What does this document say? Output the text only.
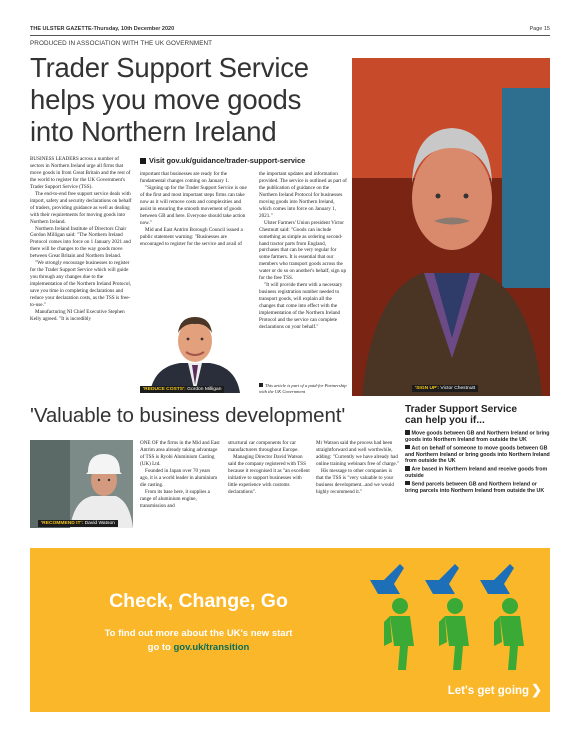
THE ULSTER GAZETTE-Thursday, 10th December 2020	Page 15
PRODUCED IN ASSOCIATION WITH THE UK GOVERNMENT
Trader Support Service
helps you move goods
into Northern Ireland

BUSINESS LEADERS across a number of sectors in Northern Ireland urge all firms that move goods in from Great Britain and the rest of the world to register for the UK Government's Trader Support Service (TSS).

The end-to-end free support service deals with import, safety and security declarations on behalf of traders, providing guidance as well as dealing with their requirements for moving goods into Northern Ireland.

Northern Ireland Institute of Directors Chair Gordon Milligan said: "The Northern Ireland Protocol comes into force on 1 January 2021 and there will be changes to the way goods move between Great Britain and Northern Ireland.

"We strongly encourage businesses to register for the Trader Support Service which will guide you through any changes due to the implementation of the Northern Ireland Protocol, save you time in completing declarations and reduce your declaration costs, as the TSS is free-to-use."

Manufacturing NI Chief Executive Stephen Kelly agreed. "It is incredibly

Visit gov.uk/guidance/trader-support-service

important that businesses are ready for the fundamental changes coming on January 1.

"Signing up for the Trader Support Service is one of the first and most important steps firms can take now as it will remove costs and complexities and assist in ensuring the smooth movement of goods between GB and here. Everyone should take action now."

Mid and East Antrim Borough Council issued a public statement warning: "Businesses are encouraged to register for the service and avail of

'REDUCE COSTS': Gordon Milligan

the important updates and information provided. The service is outlined as part of the publication of guidance on the Northern Ireland Protocol for businesses moving goods into Northern Ireland, which comes into force on January 1, 2021."

Ulster Farmers' Union president Victor Chestnutt said: "Goods can include something as simple as ordering second-hand tractor parts from England, purchases that can be very regular for some farmers. It is essential that our members who transport goods across the water or do so on another's behalf, sign up for the free TSS.

"It will provide them with a necessary business registration number needed to transport goods, will explain all the changes that come into effect with the implementation of the Northern Ireland Protocol and the service can complete declarations on your behalf."

This article is part of a paid-for Partnership with the UK Government	'SIGN UP': Victor Chestnutt
'Valuable to business development'
'RECOMMEND IT': David Watson

ONE OF the firms in the Mid and East Antrim area already taking advantage of TSS is Ryobi Aluminium Casting (UK) Ltd.

Founded in Japan over 70 years ago, it is a world leader in aluminium die casting.

From its base here, it supplies a range of aluminium engine, transmission and

structural car components for car manufacturers throughout Europe.

Managing Director David Watson said the company registered with TSS because it recognised it as "an excellent initiative to support businesses with little experience with customs declarations".

Mr Watson said the process had been straightforward and well worthwhile, adding: "Currently we have already had online training webinars free of charge."

His message to other companies is that the TSS is "very valuable to your business development...and we would highly recommend it."

Trader Support Service
can help you if...
Move goods between GB and Northern Ireland or bring goods into Northern Ireland from outside the UK
Act on behalf of someone to move goods between GB and Northern Ireland or bring goods into Northern Ireland from outside the UK
Are based in Northern Ireland and receive goods from outside
Send parcels between GB and Northern Ireland or bring parcels into Northern Ireland from outside the UK
Check, Change, Go
To find out more about the UK's new start
go to gov.uk/transition
Let's get going ❯
